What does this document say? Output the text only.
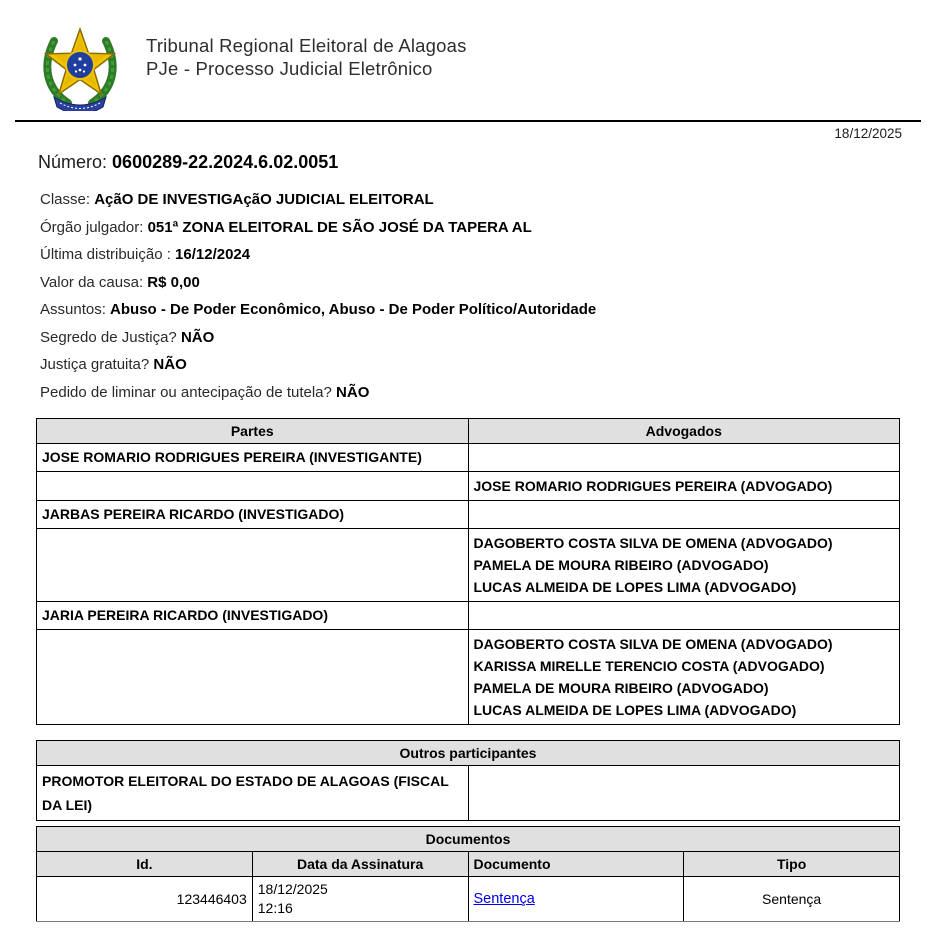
Tribunal Regional Eleitoral de Alagoas
PJe - Processo Judicial Eletrônico
18/12/2025
Número: 0600289-22.2024.6.02.0051
Classe: AçãO DE INVESTIGAçãO JUDICIAL ELEITORAL
Órgão julgador: 051ª ZONA ELEITORAL DE SÃO JOSÉ DA TAPERA AL
Última distribuição : 16/12/2024
Valor da causa: R$ 0,00
Assuntos: Abuso - De Poder Econômico, Abuso - De Poder Político/Autoridade
Segredo de Justiça? NÃO
Justiça gratuita? NÃO
Pedido de liminar ou antecipação de tutela? NÃO
Partes	Advogados
JOSE ROMARIO RODRIGUES PEREIRA (INVESTIGANTE)	

	JOSE ROMARIO RODRIGUES PEREIRA (ADVOGADO)

JARBAS PEREIRA RICARDO (INVESTIGADO)	

	DAGOBERTO COSTA SILVA DE OMENA (ADVOGADO)
PAMELA DE MOURA RIBEIRO (ADVOGADO)
LUCAS ALMEIDA DE LOPES LIMA (ADVOGADO)

JARIA PEREIRA RICARDO (INVESTIGADO)	

	DAGOBERTO COSTA SILVA DE OMENA (ADVOGADO)
KARISSA MIRELLE TERENCIO COSTA (ADVOGADO)
PAMELA DE MOURA RIBEIRO (ADVOGADO)
LUCAS ALMEIDA DE LOPES LIMA (ADVOGADO)
Outros participantes
PROMOTOR ELEITORAL DO ESTADO DE ALAGOAS (FISCAL DA LEI)	
Documentos			
Id.	Data da Assinatura	Documento	Tipo
123446403	18/12/2025 12:16	Sentença	Sentença
